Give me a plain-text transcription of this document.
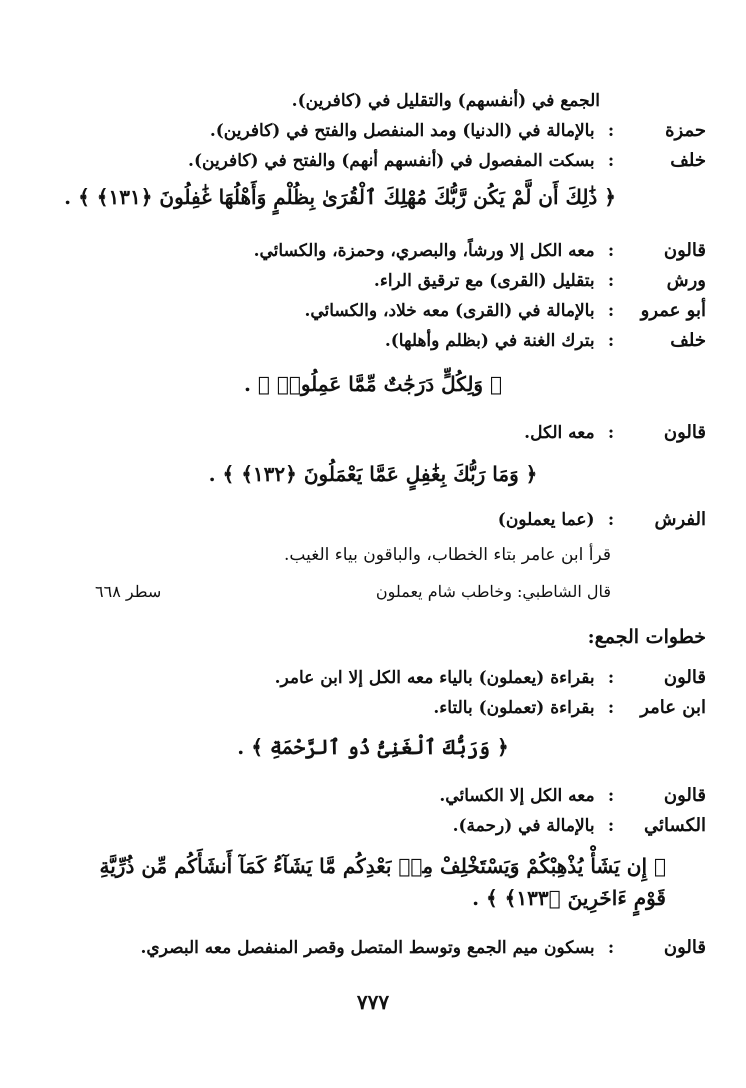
الجمع في (أنفسهم) والتقليل في (كافرين).
حمزة: بالإمالة في (الدنيا) ومد المنفصل والفتح في (كافرين).
خلف: بسكت المفصول في (أنفسهم أنهم) والفتح في (كافرين).
﴿ ذَٰلِكَ أَن لَّمْ يَكُن رَّبُّكَ مُهْلِكَ ٱلْقُرَىٰ بِظُلْمٍ وَأَهْلُهَا غَٰفِلُونَ ﴿١٣١﴾ ﴾ .
قالون: معه الكل إلا ورشاً، والبصري، وحمزة، والكسائي.
ورش: بتقليل (القرى) مع ترقيق الراء.
أبو عمرو: بالإمالة في (القرى) معه خلاد، والكسائي.
خلف: بترك الغنة في (بظلم وأهلها).
﴿ وَلِكُلٍّ دَرَجَٰتٌ مِّمَّا عَمِلُوا۟ ﴾ .
قالون: معه الكل.
﴿ وَمَا رَبُّكَ بِغَٰفِلٍ عَمَّا يَعْمَلُونَ ﴿١٣٢﴾ ﴾ .
الفرش: (عما يعملون)
قرأ ابن عامر بتاء الخطاب، والباقون بياء الغيب.
قال الشاطبي: وخاطب شام يعملون
سطر ٦٦٨
خطوات الجمع:
قالون: بقراءة (يعملون) بالياء معه الكل إلا ابن عامر.
ابن عامر: بقراءة (تعملون) بالتاء.
﴿ وَرَبُّكَ ٱلْغَنِىُّ ذُو ٱلرَّحْمَةِ ﴾ .
قالون: معه الكل إلا الكسائي.
الكسائي: بالإمالة في (رحمة).
﴿ إِن يَشَأْ يُذْهِبْكُمْ وَيَسْتَخْلِفْ مِنۢ بَعْدِكُم مَّا يَشَآءُ كَمَآ أَنشَأَكُم مِّن ذُرِّيَّةِ قَوْمٍ ءَاخَرِينَ ﴿١٣٣﴾ ﴾ .
قالون: بسكون ميم الجمع وتوسط المتصل وقصر المنفصل معه البصري.
٧٧٧
